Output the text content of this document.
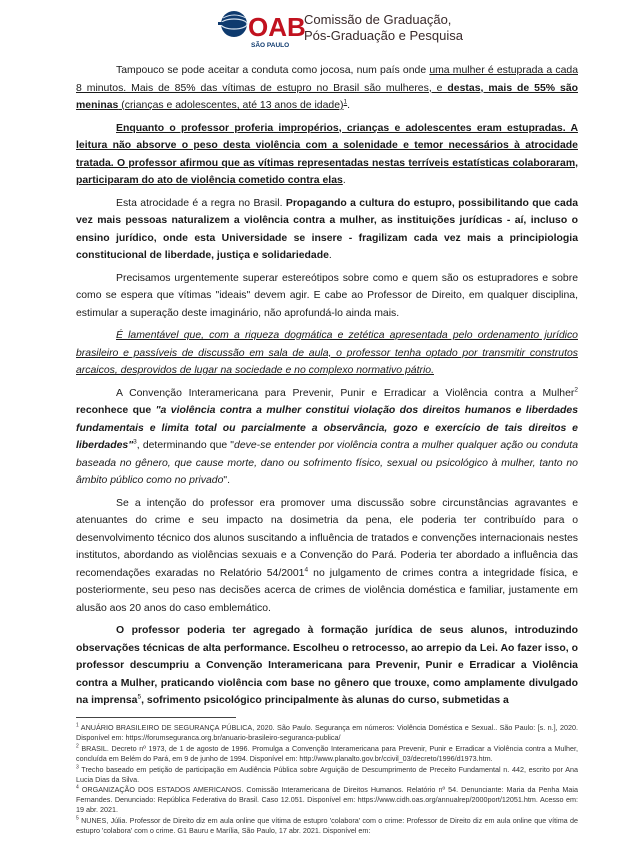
OAB
SÃO PAULO
Comissão de Graduação,
Pós-Graduação e Pesquisa

Tampouco se pode aceitar a conduta como jocosa, num país onde uma mulher é estuprada a cada 8 minutos. Mais de 85% das vítimas de estupro no Brasil são mulheres, e destas, mais de 55% são meninas (crianças e adolescentes, até 13 anos de idade)$^1$.

Enquanto o professor proferia impropérios, crianças e adolescentes eram estupradas. A leitura não absorve o peso desta violência com a solenidade e temor necessários à atrocidade tratada. O professor afirmou que as vítimas representadas nestas terríveis estatísticas colaboraram, participaram do ato de violência cometido contra elas.

Esta atrocidade é a regra no Brasil. Propagando a cultura do estupro, possibilitando que cada vez mais pessoas naturalizem a violência contra a mulher, as instituições jurídicas - aí, incluso o ensino jurídico, onde esta Universidade se insere - fragilizam cada vez mais a principiologia constitucional de liberdade, justiça e solidariedade.

Precisamos urgentemente superar estereótipos sobre como e quem são os estupradores e sobre como se espera que vítimas "ideais" devem agir. E cabe ao Professor de Direito, em qualquer disciplina, estimular a superação deste imaginário, não aprofundá-lo ainda mais.

É lamentável que, com a riqueza dogmática e zetética apresentada pelo ordenamento jurídico brasileiro e passíveis de discussão em sala de aula, o professor tenha optado por transmitir construtos arcaicos, desprovidos de lugar na sociedade e no complexo normativo pátrio.

A Convenção Interamericana para Prevenir, Punir e Erradicar a Violência contra a Mulher$^2$ reconhece que "a violência contra a mulher constitui violação dos direitos humanos e liberdades fundamentais e limita total ou parcialmente a observância, gozo e exercício de tais direitos e liberdades"$^3$, determinando que "deve-se entender por violência contra a mulher qualquer ação ou conduta baseada no gênero, que cause morte, dano ou sofrimento físico, sexual ou psicológico à mulher, tanto no âmbito público como no privado".

Se a intenção do professor era promover uma discussão sobre circunstâncias agravantes e atenuantes do crime e seu impacto na dosimetria da pena, ele poderia ter contribuído para o desenvolvimento técnico dos alunos suscitando a influência de tratados e convenções internacionais nestes institutos, abordando as violências sexuais e a Convenção do Pará. Poderia ter abordado a influência das recomendações exaradas no Relatório 54/2001$^4$ no julgamento de crimes contra a integridade física, e posteriormente, seu peso nas decisões acerca de crimes de violência doméstica e familiar, justamente em alusão aos 20 anos do caso emblemático.

O professor poderia ter agregado à formação jurídica de seus alunos, introduzindo observações técnicas de alta performance. Escolheu o retrocesso, ao arrepio da Lei. Ao fazer isso, o professor descumpriu a Convenção Interamericana para Prevenir, Punir e Erradicar a Violência contra a Mulher, praticando violência com base no gênero que trouxe, como amplamente divulgado na imprensa$^5$, sofrimento psicológico principalmente às alunas do curso, submetidas a

$^1$ ANUÁRIO BRASILEIRO DE SEGURANÇA PÚBLICA, 2020. São Paulo. Segurança em números: Violência Doméstica e Sexual.. São Paulo: [s. n.], 2020. Disponível em: https://forumseguranca.org.br/anuario-brasileiro-seguranca-publica/
$^2$ BRASIL. Decreto nº 1973, de 1 de agosto de 1996. Promulga a Convenção Interamericana para Prevenir, Punir e Erradicar a Violência contra a Mulher, concluída em Belém do Pará, em 9 de junho de 1994. Disponível em: http://www.planalto.gov.br/ccivil_03/decreto/1996/d1973.htm.
$^3$ Trecho baseado em petição de participação em Audiência Pública sobre Arguição de Descumprimento de Preceito Fundamental n. 442, escrito por Ana Lucia Dias da Silva.
$^4$ ORGANIZAÇÃO DOS ESTADOS AMERICANOS. Comissão Interamericana de Direitos Humanos. Relatório nº 54. Denunciante: Maria da Penha Maia Fernandes. Denunciado: República Federativa do Brasil. Caso 12.051. Disponível em: https://www.cidh.oas.org/annualrep/2000port/12051.htm. Acesso em: 19 abr. 2021.
$^5$ NUNES, Júlia. Professor de Direito diz em aula online que vítima de estupro 'colabora' com o crime: Professor de Direito diz em aula online que vítima de estupro 'colabora' com o crime. G1 Bauru e Marília, São Paulo, 17 abr. 2021. Disponível em:
